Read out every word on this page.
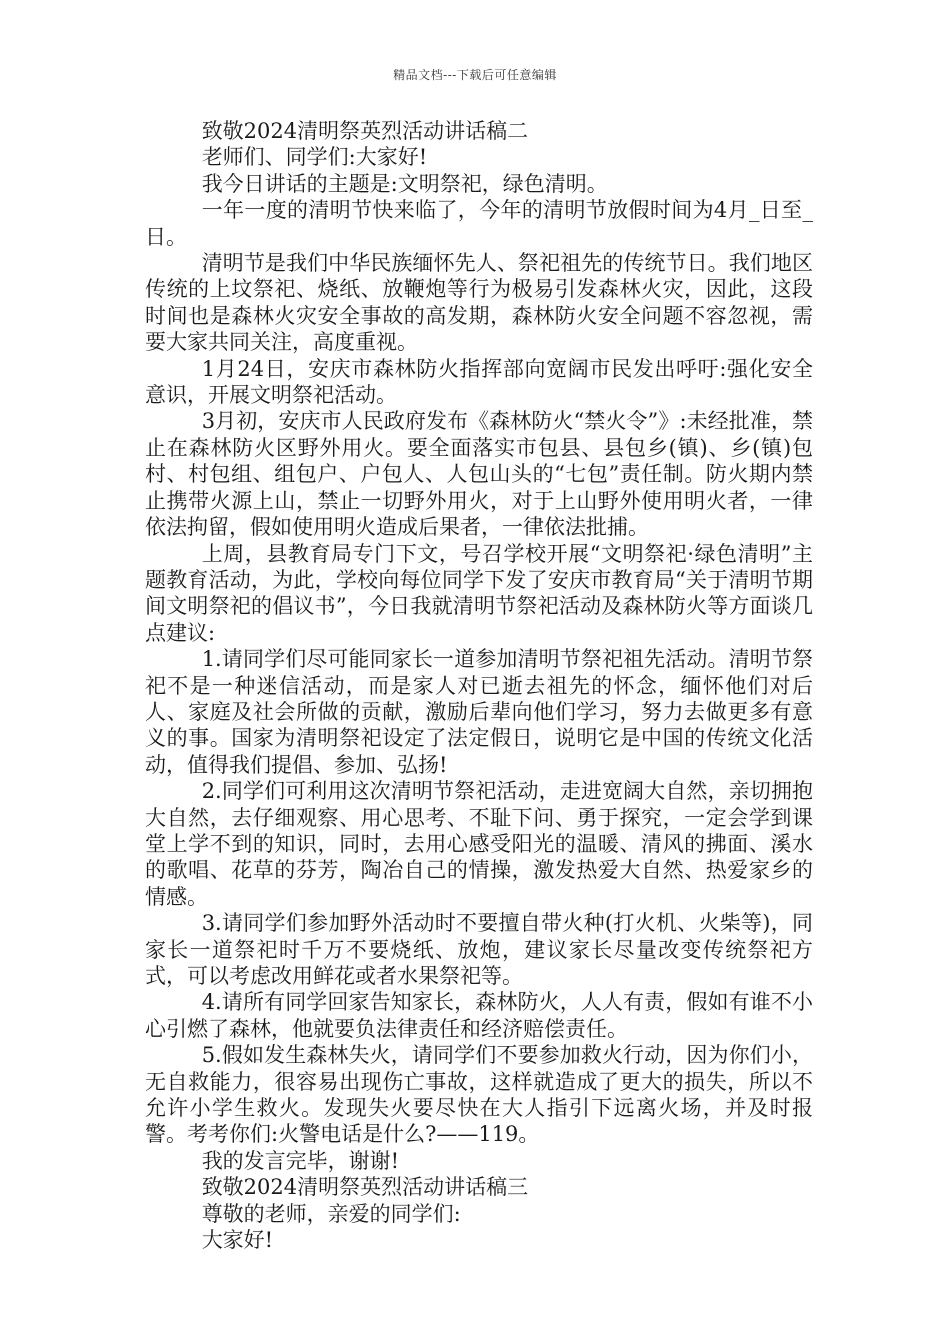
精品文档---下载后可任意编辑

致敬2024清明祭英烈活动讲话稿二

老师们、同学们:大家好!

我今日讲话的主题是:文明祭祀，绿色清明。

一年一度的清明节快来临了，今年的清明节放假时间为4月_日至_日。

清明节是我们中华民族缅怀先人、祭祀祖先的传统节日。我们地区传统的上坟祭祀、烧纸、放鞭炮等行为极易引发森林火灾，因此，这段时间也是森林火灾安全事故的高发期，森林防火安全问题不容忽视，需要大家共同关注，高度重视。

1月24日，安庆市森林防火指挥部向宽阔市民发出呼吁:强化安全意识，开展文明祭祀活动。

3月初，安庆市人民政府发布《森林防火“禁火令”》:未经批准，禁止在森林防火区野外用火。要全面落实市包县、县包乡(镇)、乡(镇)包村、村包组、组包户、户包人、人包山头的“七包”责任制。防火期内禁止携带火源上山，禁止一切野外用火，对于上山野外使用明火者，一律依法拘留，假如使用明火造成后果者，一律依法批捕。

上周，县教育局专门下文，号召学校开展“文明祭祀·绿色清明”主题教育活动，为此，学校向每位同学下发了安庆市教育局“关于清明节期间文明祭祀的倡议书”，今日我就清明节祭祀活动及森林防火等方面谈几点建议:

1.请同学们尽可能同家长一道参加清明节祭祀祖先活动。清明节祭祀不是一种迷信活动，而是家人对已逝去祖先的怀念，缅怀他们对后人、家庭及社会所做的贡献，激励后辈向他们学习，努力去做更多有意义的事。国家为清明祭祀设定了法定假日，说明它是中国的传统文化活动，值得我们提倡、参加、弘扬!

2.同学们可利用这次清明节祭祀活动，走进宽阔大自然，亲切拥抱大自然，去仔细观察、用心思考、不耻下问、勇于探究，一定会学到课堂上学不到的知识，同时，去用心感受阳光的温暖、清风的拂面、溪水的歌唱、花草的芬芳，陶冶自己的情操，激发热爱大自然、热爱家乡的情感。

3.请同学们参加野外活动时不要擅自带火种(打火机、火柴等)，同家长一道祭祀时千万不要烧纸、放炮，建议家长尽量改变传统祭祀方式，可以考虑改用鲜花或者水果祭祀等。

4.请所有同学回家告知家长，森林防火，人人有责，假如有谁不小心引燃了森林，他就要负法律责任和经济赔偿责任。

5.假如发生森林失火，请同学们不要参加救火行动，因为你们小，无自救能力，很容易出现伤亡事故，这样就造成了更大的损失，所以不允许小学生救火。发现失火要尽快在大人指引下远离火场，并及时报警。考考你们:火警电话是什么?——119。

我的发言完毕，谢谢!

致敬2024清明祭英烈活动讲话稿三

尊敬的老师，亲爱的同学们:

大家好!
